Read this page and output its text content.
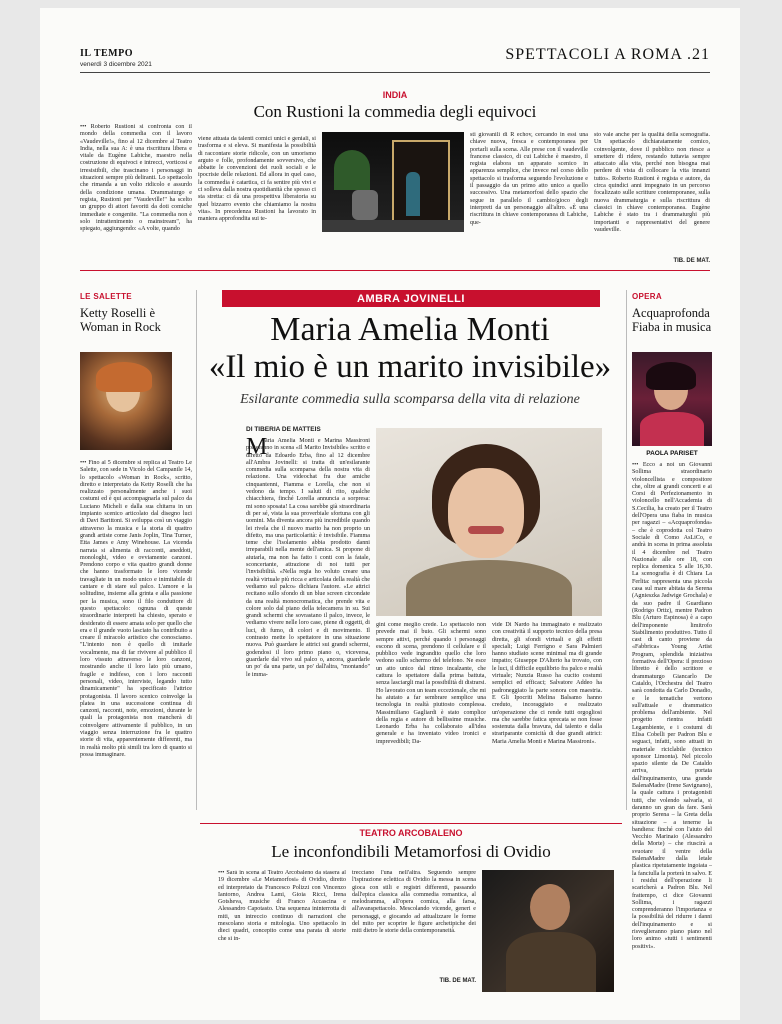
IL TEMPO
venerdì 3 dicembre 2021
SPETTACOLI A ROMA .21
INDIA
Con Rustioni la commedia degli equivoci
••• Roberto Rustioni si confronta con il mondo della commedia con il lavoro «Vaudeville!», fino al 12 dicembre al Teatro India, nella sua A: è una riscrittura libera e vitale da Eugène Labiche, maestro nella costruzione di equivoci e intrecci, vorticosi e irresistibili, che trascinano i personaggi in situazioni sempre più deliranti. Lo spettacolo che rimanda a un volto ridicolo e assurdo della condizione umana. Drammaturgo e regista, Rustioni per "Vaudeville!" ha scelto un gruppo di attori favoriti da doti comiche immediate e congenite. "La commedia non è solo intrattenimento o mainstream", ha spiegato, aggiungendo: «A volte, quando
viene attuata da talenti comici unici e geniali, si trasforma e si eleva. Si manifesta la possibilità di raccontare storie ridicole, con un umorismo arguto e folle, profondamente sovversivo, che abbatte le convenzioni dei ruoli sociali e le ipocrisie delle relazioni. Ed allora in quel caso, la commedia è catartica, ci fa sentire più vivi e ci solleva dalla nostra quotidianità che spesso ci sta stretta: ci dà una prospettiva liberatoria su quel bizzarro evento che chiamiamo la nostra vita». In precedenza Rustioni ha lavorato in maniera approfondita sui te-
sti giovanili di R echov, cercando in essi una chiave nuova, fresca e contemporanea per portarli sulla scena. Alle prese con il vaudeville francese classico, di cui Labiche è maestro, il regista elabora un apparato scenico in apparenza semplice, che invece nel corso dello spettacolo si trasforma seguendo l'evoluzione e il passaggio da un primo atto unico a quello successivo. Una metamorfosi dello spazio che segue in parallelo il cambio/gioco degli interpreti da un personaggio all'altro. «È una riscrittura in chiave contemporanea di Labiche, que-
sto vale anche per la qualità della scenografia. Un spettacolo dichiaratamente comico, coinvolgente, dove il pubblico non riesce a smettere di ridere, restando tuttavia sempre attaccato alla vita, perché non bisogna mai perdere di vista di collocare la vita innanzi tutto». Roberto Rustioni è regista e autore, da circa quindici anni impegnato in un percorso focalizzato sulle scritture contemporanee, sulla nuova drammaturgia e sulla riscrittura di classici in chiave contemporanea. Eugène Labiche è stato tra i drammaturghi più importanti e rappresentativi del genere vaudeville.
TIB. DE MAT.
LE SALETTE
Ketty Roselli è Woman in Rock
••• Fino al 5 dicembre si replica al Teatro Le Salette, con sede in Vicolo del Campanile 14, lo spettacolo «Woman in Rock», scritto, diretto e interpretato da Ketty Roselli che ha realizzato personalmente anche i suoi costumi ed è qui accompagnarla sul palco da Luciano Micheli e dalla sua chitarra in un impianto scenico articolato dal disegno luci di Davi Barittoni. Si sviluppa così un viaggio attraverso la musica e la storia di quattro grandi artiste come Janis Joplin, Tina Turner, Etta James e Amy Winehouse. La vicenda narrata si alimenta di racconti, aneddoti, monologhi, video e ovviamente canzoni. Prendono corpo e vita quattro grandi donne che hanno trasformato le loro vicende travagliate in un modo unico e inimitabile di cantare e di stare sul palco. L'amore e la solitudine, insieme alla grinta e alla passione per la musica, sono il filo conduttore di questo spettacolo: ognuna di queste straordinarie interpreti ha chiesto, sperato e desiderato di essere amata solo per quello che era e il grande vuoto lasciato ha contribuito a creare il miracolo artistico che conosciamo. "L'intento non è quello di imitarle vocalmente, ma di far rivivere al pubblico il loro vissuto attraverso le loro canzoni, mostrando anche il loro lato più umano, fragile e indifeso, con i loro racconti personali, video, interviste, legando tutto dinamicamente" ha specificato l'attrice protagonista. Il lavoro scenico coinvolge la platea in una successione continua di canzoni, racconti, note, emozioni, durante le quali la protagonista non mancherà di coinvolgere attivamente il pubblico, in un viaggio senza interruzione fra le quattro storie di vita, apparentemente differenti, ma in realtà molto più simili tra loro di quanto si possa immaginare.
AMBRA JOVINELLI
Maria Amelia Monti
«Il mio è un marito invisibile»
Esilarante commedia sulla scomparsa della vita di relazione
DI TIBERIA DE MATTEIS
M
aria Amelia Monti e Marina Massironi porteranno in scena «Il Marito Invisibile» scritto e diretto da Edoardo Erba, fino al 12 dicembre all'Ambra Jovinelli: si tratta di un'esilarante commedia sulla scomparsa della nostra vita di relazione. Una videochat fra due amiche cinquantenni, Fiamma e Lorella, che non si vedono da tempo. I saluti di rito, qualche chiacchiera, finché Lorella annuncia a sorpresa: mi sono sposata! La cosa sarebbe già straordinaria di per sé, vista la sua proverbiale sfortuna con gli uomini. Ma diventa ancora più incredibile quando lei rivela che il nuovo marito ha non proprio un difetto, ma una particolarità: è invisibile. Fiamma teme che l'isolamento abbia prodotto danni irreparabili nella mente dell'amica. Si propone di aiutarla, ma non ha fatto i conti con la fatale, sconcertante, attrazione di noi tutti per l'invisibilità. «Nella regia ho voluto creare una realtà virtuale più ricca e articolata della realtà che vediamo sul palco» dichiara l'autore. «Le attrici recitano sullo sfondo di un blue screen circondate da una realtà monocromatica, che prende vita e colore solo dal piano della telecamera in su. Sui grandi schermi che sovrastano il palco, invece, le vediamo vivere nelle loro case, piene di oggetti, di luci, di fumo, di colori e di movimento. Il contrasto mette lo spettatore in una situazione nuova. Può guardare le attrici sui grandi schermi, godendosi il loro primo piano o, viceversa, guardarle dal vivo sul palco o, ancora, guardarle un po' da una parte, un po' dall'altra, "montando" le imma-
gini come meglio crede. Lo spettacolo non prevede mai il buio. Gli schermi sono sempre attivi, perché quando i personaggi escono di scena, prendono il cellulare e il pubblico vede ingrandito quello che loro vedono sullo schermo del telefono. Ne esce un atto unico dal ritmo incalzante, che cattura lo spettatore dalla prima battuta, senza lasciargli mai la possibilità di distrarsi. Ho lavorato con un team eccezionale, che mi ha aiutato a far sembrare semplice una tecnologia in realtà piuttosto complessa. Massimiliano Gagliardi è stato complice della regia e autore di bellissime musiche. Leonardo Erba ha collaborato all'idea generale e ha inventato video ironici e imprevedibili; Da-
vide Di Nardo ha immaginato e realizzato con creatività il supporto tecnico della presa diretta, gli sfondi virtuali e gli effetti speciali; Luigi Ferrigno e Sara Palmieri hanno studiato scene minimal ma di grande impatto; Giuseppe D'Alterio ha trovato, con le luci, il difficile equilibrio fra palco e realtà virtuale; Nunzia Russo ha cucito costumi semplici ed efficaci; Salvatore Addeo ha padroneggiato la parte sonora con maestria. E Gli Ipocriti Melina Balsamo hanno creduto, incoraggiato e realizzato un'operazione che ci rende tutti orgogliosi ma che sarebbe fatica sprecata se non fosse sostenuta dalla bravura, dal talento e dalla strariparante comicità di due grandi attrici: Maria Amelia Monti e Marina Massironi».
OPERA
Acquaprofonda Fiaba in musica
PAOLA PARISET
••• Ecco a noi un Giovanni Sollima straordinario violoncellista e compositore che, oltre ai grandi concerti e ai Corsi di Perfezionamento in violoncello nell'Accademia di S.Cecilia, ha creato per il Teatro dell'Opera una fiaba in musica per ragazzi – «Acquaprofonda» – che è coprodotta col Teatro Sociale di Como AsLiCo, e andrà in scena in prima assoluta il 4 dicembre nel Teatro Nazionale alle ore 18, con replica domenica 5 alle 16,30. La scenografia è di Chiara La Ferlita: rappresenta una piccola casa sul mare abitata da Serena (Agnieszka Jadwige Grochala) e da suo padre il Guardiano (Rodrigo Ortiz), mentre Padron Blu (Arturo Espinosa) è a capo dell'imponente limitrofo Stabilimento produttivo. Tutto il cast di canto proviene da «Fabbrica» Young Artist Program, splendida iniziativa formativa dell'Opera: il prezioso libretto è dello scrittore e drammaturgo Giancarlo De Cataldo, l'Orchestra del Teatro sarà condotta da Carlo Donadio, e le tematiche vertono sull'attuale e drammatico problema dell'ambiente. Nel progetto rientra infatti Legambiente, e i costumi di Elisa Cobelli per Padron Blu e seguaci, infatti, sono attuati in materiale riciclabile (tecnico sponsor Limonta). Nel piccolo spazio silente da De Cataldo arriva, portata dall'inquinamento, una grande BalenaMadre (Irene Savignano), la quale cattura i protagonisti tutti, che volendo salvarla, si daranno un gran da fare. Sarà proprio Serena – la Greta della situazione – a tenerne la bandiera: finché con l'aiuto del Vecchio Marinaio (Alessandro della Morte) – che riuscirà a svuotare il ventre della BalenaMadre dalla letale plastica ripetutamente ingoiata – la fanciulla la porterà in salvo. E i residui dell'operazione li scaricherà a Padron Blu. Nel frattempo, ci dice Giovanni Sollima, i ragazzi comprenderanno l'importanza e la possibilità del ridurre i danni dell'inquinamento e si risveglieranno piano piano nel loro animo «tutti i sentimenti positivi».
TEATRO ARCOBALENO
Le inconfondibili Metamorfosi di Ovidio
••• Sarà in scena al Teatro Arcobaleno da stasera al 19 dicembre «Le Metamorfosi» di Ovidio, diretto ed interpretato da Francesco Polizzi con Vincenzo Iantorno, Andrea Lami, Gioia Ricci, Irena Gotsheva, musiche di Franco Accascina e Alessandro Capotasto. Una sequenza ininterrotta di miti, un intreccio continuo di narrazioni che mescolano storia e mitologia. Uno spettacolo in dieci quadri, concepito come una parata di storie che si in-
trecciano l'una nell'altra. Seguendo sempre l'ispirazione eclettica di Ovidio la messa in scena gioca con stili e registri differenti, passando dall'epica classica alla commedia romantica, al melodramma, all'opera comica, alla farsa, all'avanspettacolo. Mescolando vicende, generi e personaggi, e giocando ad attualizzare le forme del mito per scoprire le figure archetipiche dei miti dietro le storie della contemporaneità.
TIB. DE MAT.
